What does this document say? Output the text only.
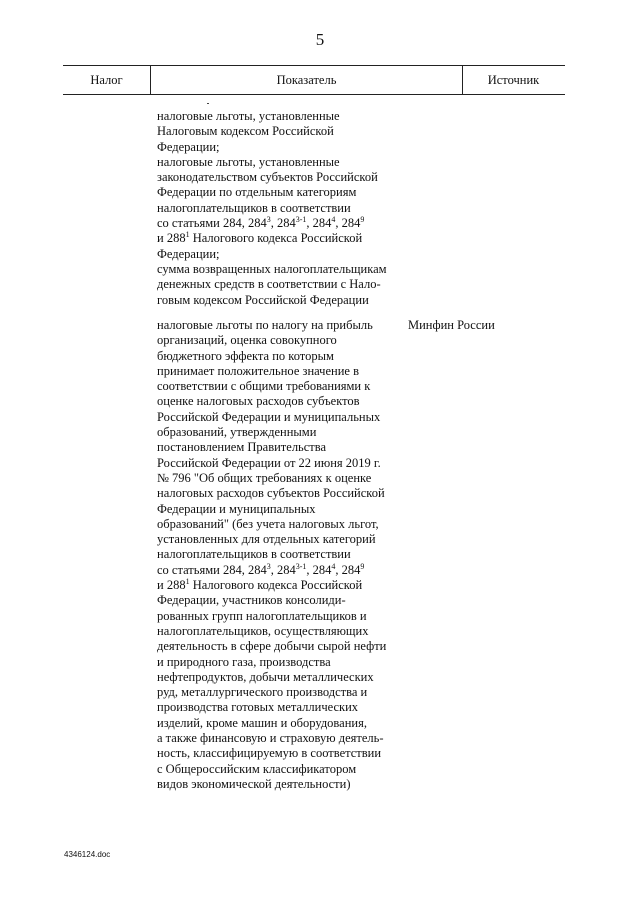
5
Налог	Показатель	Источник
налоговые льготы, установленные
Налоговым кодексом Российской
Федерации;
налоговые льготы, установленные
законодательством субъектов Российской
Федерации по отдельным категориям
налогоплательщиков в соответствии
со статьями 284, $284^3$, 284$^{3-1}$, $284^4$, $284^9$
и $288^1$ Налогового кодекса Российской
Федерации;
сумма возвращенных налогоплательщикам
денежных средств в соответствии с Нало-
говым кодексом Российской Федерации
налоговые льготы по налогу на прибыль
организаций, оценка совокупного
бюджетного эффекта по которым
принимает положительное значение в
соответствии с общими требованиями к
оценке налоговых расходов субъектов
Российской Федерации и муниципальных
образований, утвержденными
постановлением Правительства
Российской Федерации от 22 июня 2019 г.
№ 796 "Об общих требованиях к оценке
налоговых расходов субъектов Российской
Федерации и муниципальных
образований" (без учета налоговых льгот,
установленных для отдельных категорий
налогоплательщиков в соответствии
со статьями 284, $284^3$, 284$^{3-1}$, $284^4$, $284^9$
и $288^1$ Налогового кодекса Российской
Федерации, участников консолиди-
рованных групп налогоплательщиков и
налогоплательщиков, осуществляющих
деятельность в сфере добычи сырой нефти
и природного газа, производства
нефтепродуктов, добычи металлических
руд, металлургического производства и
производства готовых металлических
изделий, кроме машин и оборудования,
а также финансовую и страховую деятель-
ность, классифицируемую в соответствии
с Общероссийским классификатором
видов экономической деятельности)
Минфин России
4346124.doc
